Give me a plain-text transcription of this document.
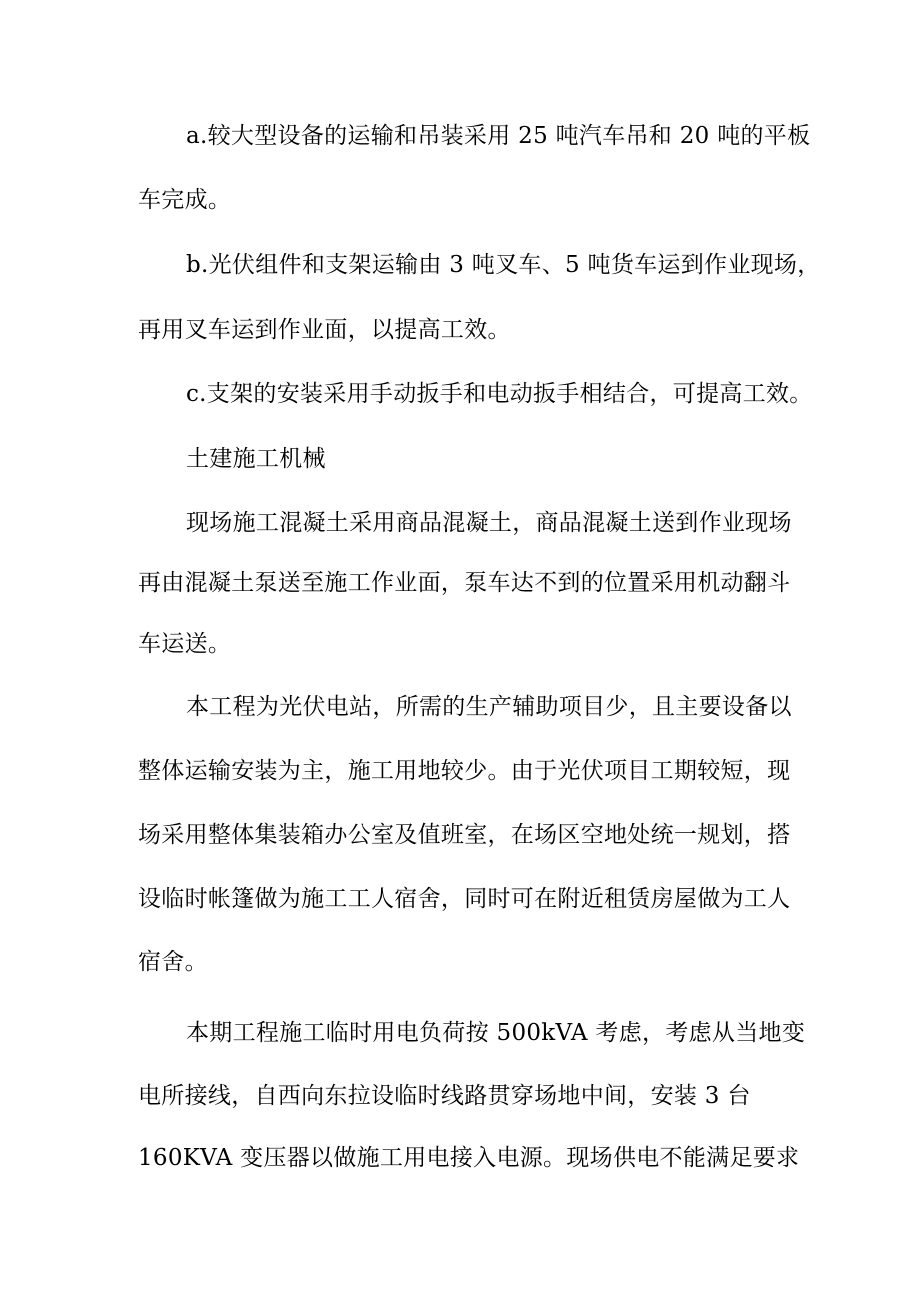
a.较大型设备的运输和吊装采用 25 吨汽车吊和 20 吨的平板
车完成。
b.光伏组件和支架运输由 3 吨叉车、5 吨货车运到作业现场，
再用叉车运到作业面，以提高工效。
c.支架的安装采用手动扳手和电动扳手相结合，可提高工效。
土建施工机械
现场施工混凝土采用商品混凝土，商品混凝土送到作业现场
再由混凝土泵送至施工作业面，泵车达不到的位置采用机动翻斗
车运送。
本工程为光伏电站，所需的生产辅助项目少，且主要设备以
整体运输安装为主，施工用地较少。由于光伏项目工期较短，现
场采用整体集装箱办公室及值班室，在场区空地处统一规划，搭
设临时帐篷做为施工工人宿舍，同时可在附近租赁房屋做为工人
宿舍。
本期工程施工临时用电负荷按 500kVA 考虑，考虑从当地变
电所接线，自西向东拉设临时线路贯穿场地中间，安装 3 台
160KVA 变压器以做施工用电接入电源。现场供电不能满足要求
